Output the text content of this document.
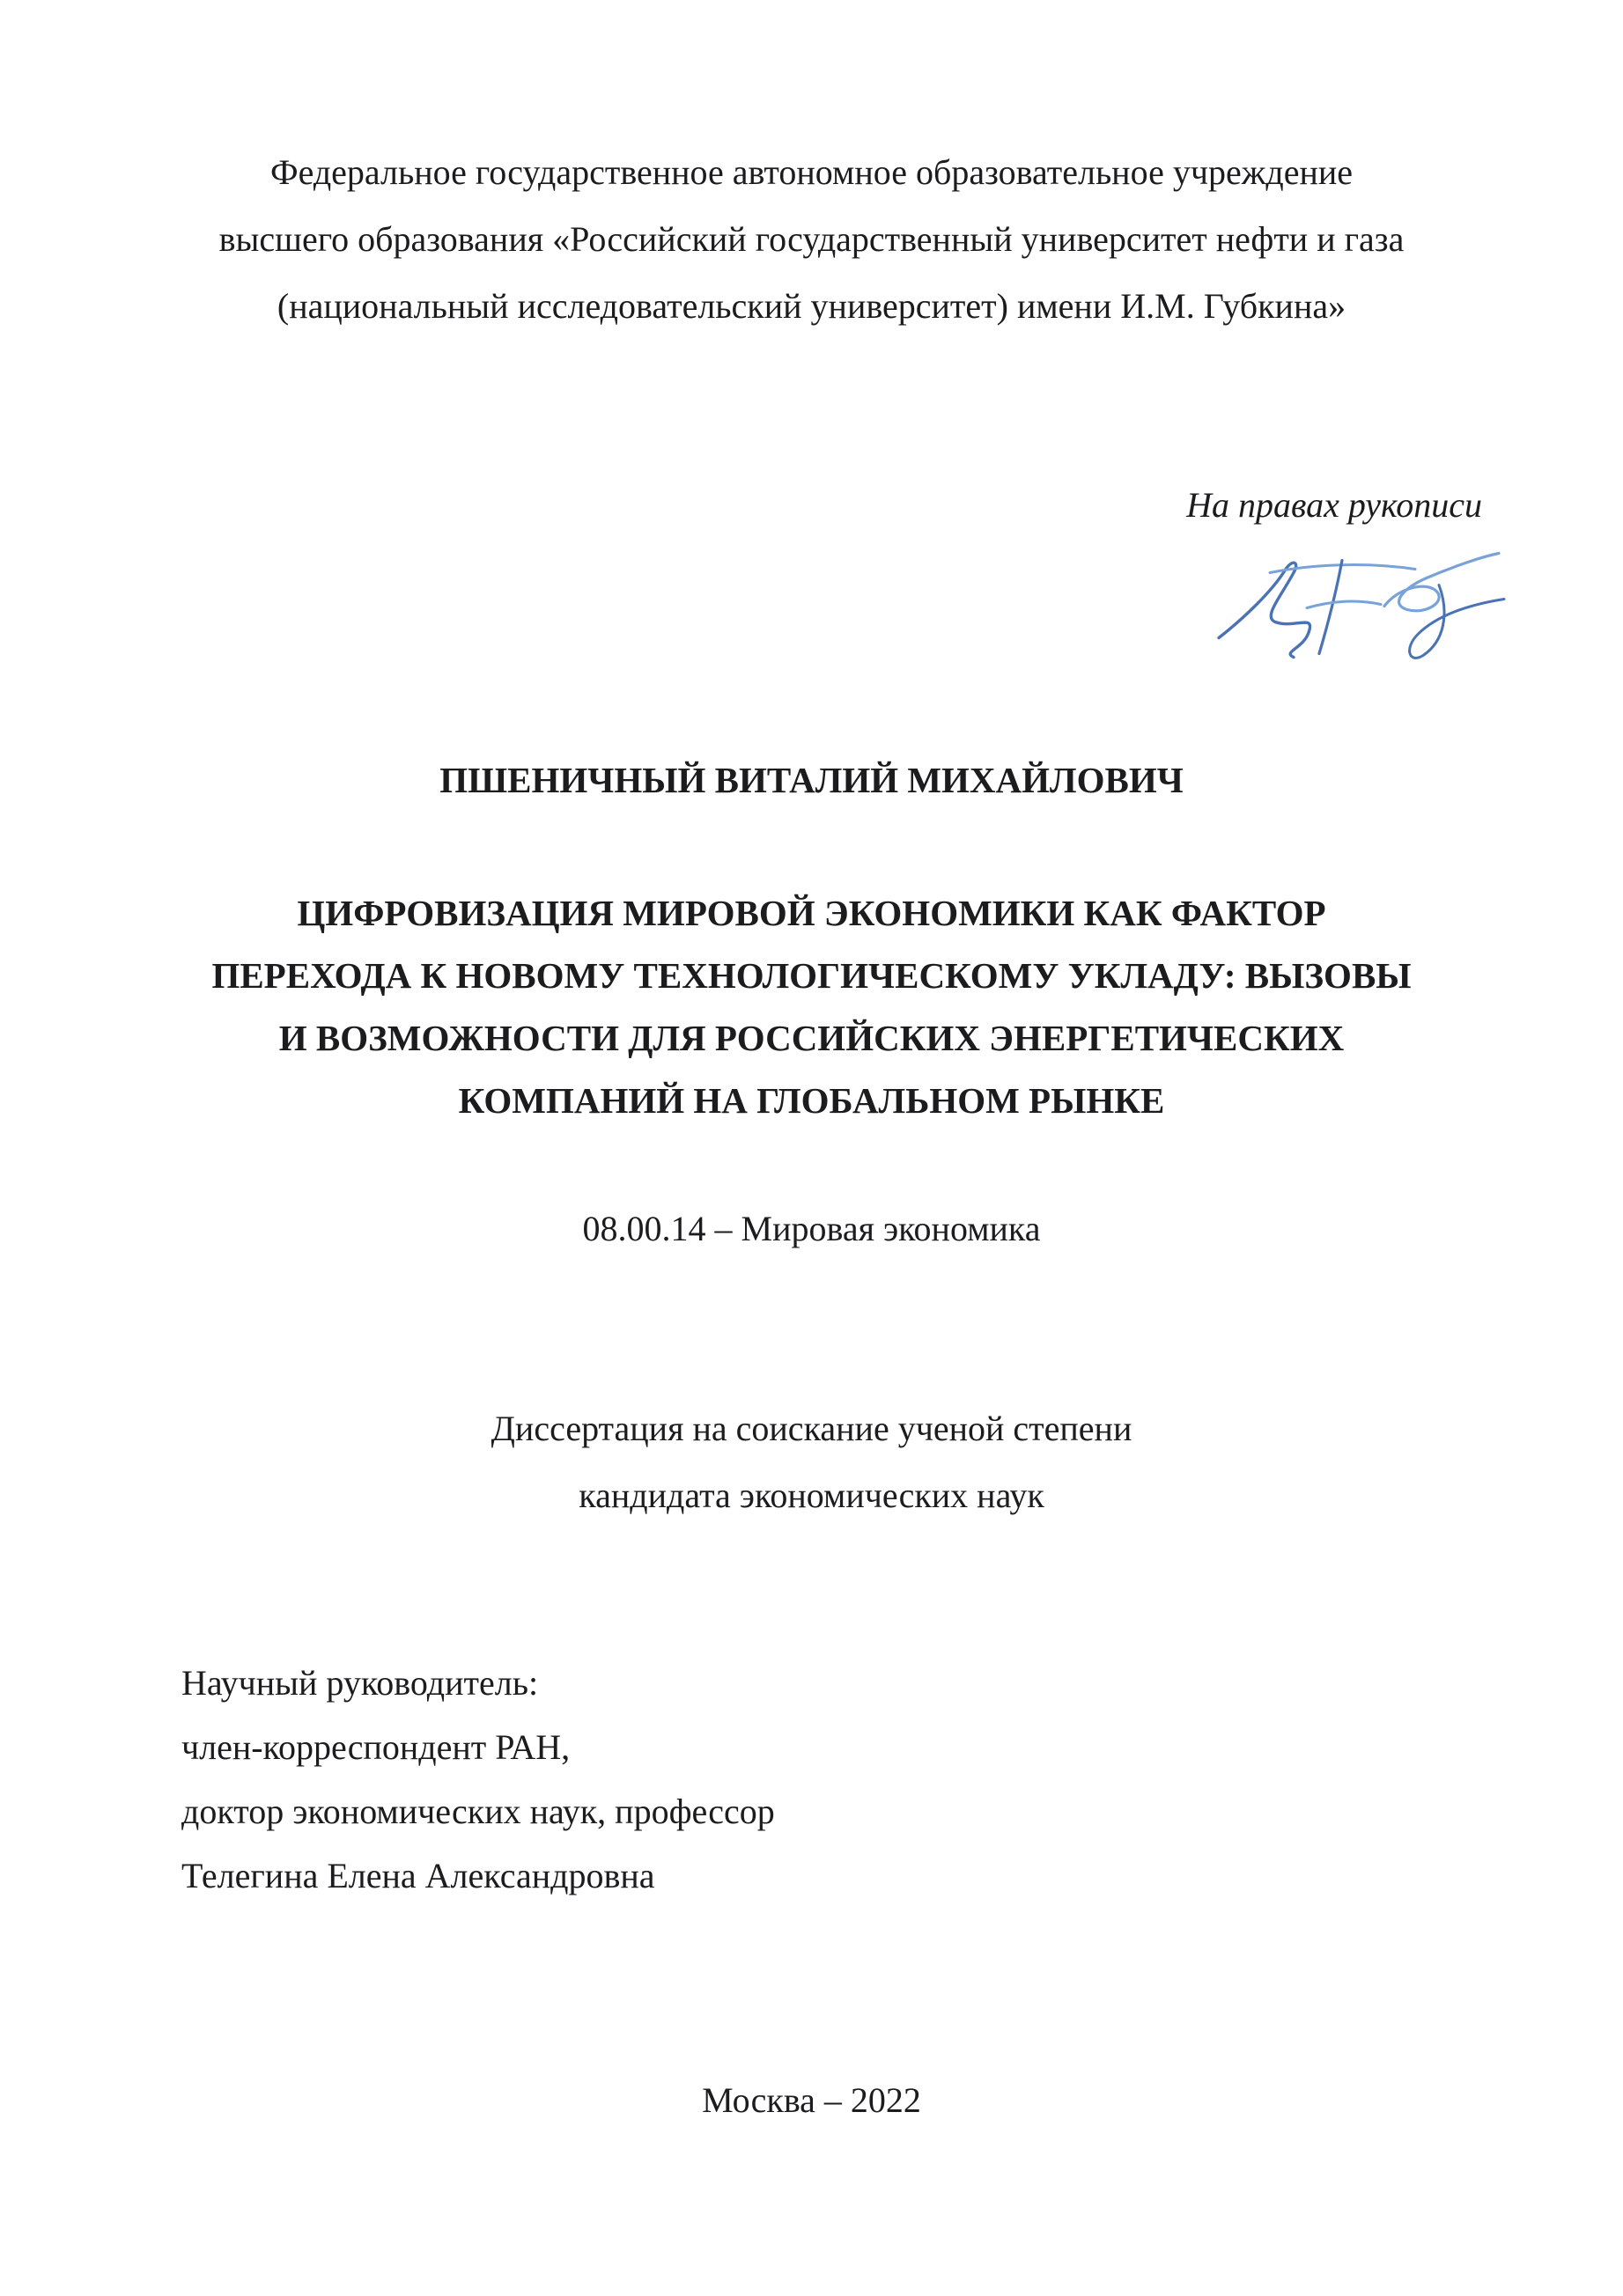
Федеральное государственное автономное образовательное учреждение

высшего образования «Российский государственный университет нефти и газа

(национальный исследовательский университет) имени И.М. Губкина»

На правах рукописи
ПШЕНИЧНЫЙ ВИТАЛИЙ МИХАЙЛОВИЧ
ЦИФРОВИЗАЦИЯ МИРОВОЙ ЭКОНОМИКИ КАК ФАКТОР
ПЕРЕХОДА К НОВОМУ ТЕХНОЛОГИЧЕСКОМУ УКЛАДУ: ВЫЗОВЫ
И ВОЗМОЖНОСТИ ДЛЯ РОССИЙСКИХ ЭНЕРГЕТИЧЕСКИХ
КОМПАНИЙ НА ГЛОБАЛЬНОМ РЫНКЕ
08.00.14 – Мировая экономика

Диссертация на соискание ученой степени

кандидата экономических наук

Научный руководитель:

член-корреспондент РАН,

доктор экономических наук, профессор

Телегина Елена Александровна

Москва – 2022
